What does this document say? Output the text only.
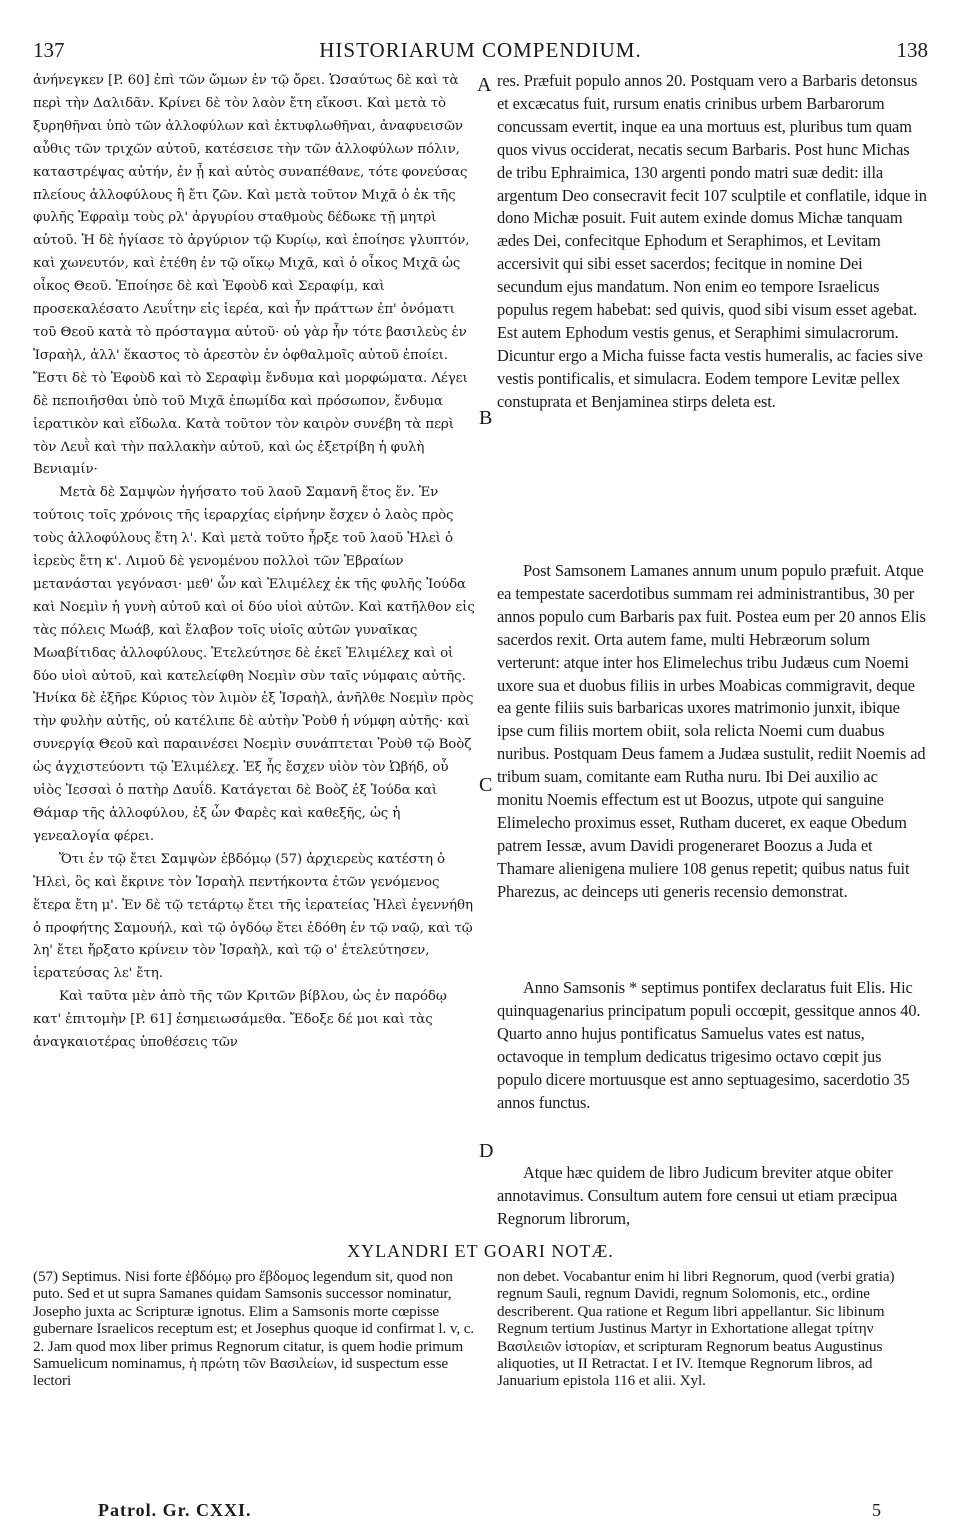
137	HISTORIARUM COMPENDIUM.	138

ἀνήνεγκεν [P. 60] ἐπὶ τῶν ὤμων ἐν τῷ ὄρει. Ὡσαύτως δὲ καὶ τὰ περὶ τὴν Δαλιδᾶν. Κρίνει δὲ τὸν λαὸν ἔτη εἴκοσι. Καὶ μετὰ τὸ ξυρηθῆναι ὑπὸ τῶν ἀλλοφύλων καὶ ἐκτυφλωθῆναι, ἀναφυεισῶν αὖθις τῶν τριχῶν αὐτοῦ, κατέσεισε τὴν τῶν ἀλλοφύλων πόλιν, καταστρέψας αὐτήν, ἐν ᾗ καὶ αὐτὸς συναπέθανε, τότε φονεύσας πλείους ἀλλοφύλους ἢ ἔτι ζῶν. Καὶ μετὰ τοῦτον Μιχᾶ ὁ ἐκ τῆς φυλῆς Ἐφραὶμ τοὺς ρλ' ἀργυρίου σταθμοὺς δέδωκε τῇ μητρὶ αὐτοῦ. Ἡ δὲ ἡγίασε τὸ ἀργύριον τῷ Κυρίῳ, καὶ ἐποίησε γλυπτόν, καὶ χωνευτόν, καὶ ἐτέθη ἐν τῷ οἴκῳ Μιχᾶ, καὶ ὁ οἶκος Μιχᾶ ὡς οἶκος Θεοῦ. Ἐποίησε δὲ καὶ Ἐφοὺδ καὶ Σεραφίμ, καὶ προσεκαλέσατο Λευΐτην εἰς ἱερέα, καὶ ἦν πράττων ἐπ' ὀνόματι τοῦ Θεοῦ κατὰ τὸ πρόσταγμα αὐτοῦ· οὐ γὰρ ἦν τότε βασιλεὺς ἐν Ἰσραὴλ, ἀλλ' ἕκαστος τὸ ἀρεστὸν ἐν ὀφθαλμοῖς αὐτοῦ ἐποίει. Ἔστι δὲ τὸ Ἐφοὺδ καὶ τὸ Σεραφὶμ ἔνδυμα καὶ μορφώματα. Λέγει δὲ πεποιῆσθαι ὑπὸ τοῦ Μιχᾶ ἐπωμίδα καὶ πρόσωπον, ἔνδυμα ἱερατικὸν καὶ εἴδωλα. Κατὰ τοῦτον τὸν καιρὸν συνέβη τὰ περὶ τὸν Λευῒ καὶ τὴν παλλακὴν αὐτοῦ, καὶ ὡς ἐξετρίβη ἡ φυλὴ Βενιαμίν·

Μετὰ δὲ Σαμψὼν ἡγήσατο τοῦ λαοῦ Σαμανῆ ἔτος ἕν. Ἐν τούτοις τοῖς χρόνοις τῆς ἱεραρχίας εἰρήνην ἔσχεν ὁ λαὸς πρὸς τοὺς ἀλλοφύλους ἔτη λ'. Καὶ μετὰ τοῦτο ἦρξε τοῦ λαοῦ Ἠλεὶ ὁ ἱερεὺς ἔτη κ'. Λιμοῦ δὲ γενομένου πολλοὶ τῶν Ἑβραίων μετανάσται γεγόνασι· μεθ' ὧν καὶ Ἐλιμέλεχ ἐκ τῆς φυλῆς Ἰούδα καὶ Νοεμὶν ἡ γυνὴ αὐτοῦ καὶ οἱ δύο υἱοὶ αὐτῶν. Καὶ κατῆλθον εἰς τὰς πόλεις Μωάβ, καὶ ἔλαβον τοῖς υἱοῖς αὐτῶν γυναῖκας Μωαβίτιδας ἀλλοφύλους. Ἐτελεύτησε δὲ ἐκεῖ Ἐλιμέλεχ καὶ οἱ δύο υἱοὶ αὐτοῦ, καὶ κατελείφθη Νοεμὶν σὺν ταῖς νύμφαις αὐτῆς. Ἡνίκα δὲ ἐξῆρε Κύριος τὸν λιμὸν ἐξ Ἰσραὴλ, ἀνῆλθε Νοεμὶν πρὸς τὴν φυλὴν αὐτῆς, οὐ κατέλιπε δὲ αὐτὴν Ῥοὺθ ἡ νύμφη αὐτῆς· καὶ συνεργίᾳ Θεοῦ καὶ παραινέσει Νοεμὶν συνάπτεται Ῥοὺθ τῷ Βοὸζ ὡς ἀγχιστεύοντι τῷ Ἐλιμέλεχ. Ἐξ ἧς ἔσχεν υἱὸν τὸν Ὠβήδ, οὗ υἱὸς Ἰεσσαὶ ὁ πατὴρ Δαυΐδ. Κατάγεται δὲ Βοὸζ ἐξ Ἰούδα καὶ Θάμαρ τῆς ἀλλοφύλου, ἐξ ὧν Φαρὲς καὶ καθεξῆς, ὡς ἡ γενεαλογία φέρει.

Ὅτι ἐν τῷ ἔτει Σαμψὼν ἑβδόμῳ (57) ἀρχιερεὺς κατέστη ὁ Ἠλεὶ, ὃς καὶ ἔκρινε τὸν Ἰσραὴλ πεντήκοντα ἐτῶν γενόμενος ἕτερα ἔτη μ'. Ἐν δὲ τῷ τετάρτῳ ἔτει τῆς ἱερατείας Ἠλεὶ ἐγεννήθη ὁ προφήτης Σαμουήλ, καὶ τῷ ὀγδόῳ ἔτει ἐδόθη ἐν τῷ ναῷ, καὶ τῷ λη' ἔτει ἤρξατο κρίνειν τὸν Ἰσραὴλ, καὶ τῷ ο' ἐτελεύτησεν, ἱερατεύσας λε' ἔτη.

Καὶ ταῦτα μὲν ἀπὸ τῆς τῶν Κριτῶν βίβλου, ὡς ἐν παρόδῳ κατ' ἐπιτομὴν [P. 61] ἐσημειωσάμεθα. Ἔδοξε δέ μοι καὶ τὰς ἀναγκαιοτέρας ὑποθέσεις τῶν

A
B
C
D

res. Præfuit populo annos 20. Postquam vero a Barbaris detonsus et excæcatus fuit, rursum enatis crinibus urbem Barbarorum concussam evertit, inque ea una mortuus est, pluribus tum quam quos vivus occiderat, necatis secum Barbaris. Post hunc Michas de tribu Ephraimica, 130 argenti pondo matri suæ dedit: illa argentum Deo consecravit fecit 107 sculptile et conflatile, idque in dono Michæ posuit. Fuit autem exinde domus Michæ tanquam ædes Dei, confecitque Ephodum et Seraphimos, et Levitam accersivit qui sibi esset sacerdos; fecitque in nomine Dei secundum ejus mandatum. Non enim eo tempore Israelicus populus regem habebat: sed quivis, quod sibi visum esset agebat. Est autem Ephodum vestis genus, et Seraphimi simulacrorum. Dicuntur ergo a Micha fuisse facta vestis humeralis, ac facies sive vestis pontificalis, et simulacra. Eodem tempore Levitæ pellex constuprata et Benjaminea stirps deleta est.

Post Samsonem Lamanes annum unum populo præfuit. Atque ea tempestate sacerdotibus summam rei administrantibus, 30 per annos populo cum Barbaris pax fuit. Postea eum per 20 annos Elis sacerdos rexit. Orta autem fame, multi Hebræorum solum verterunt: atque inter hos Elimelechus tribu Judæus cum Noemi uxore sua et duobus filiis in urbes Moabicas commigravit, deque ea gente filiis suis barbaricas uxores matrimonio junxit, ibique ipse cum filiis mortem obiit, sola relicta Noemi cum duabus nuribus. Postquam Deus famem a Judæa sustulit, rediit Noemis ad tribum suam, comitante eam Rutha nuru. Ibi Dei auxilio ac monitu Noemis effectum est ut Boozus, utpote qui sanguine Elimelecho proximus esset, Rutham duceret, ex eaque Obedum patrem Iessæ, avum Davidi progeneraret Boozus a Juda et Thamare alienigena muliere 108 genus repetit; quibus natus fuit Pharezus, ac deinceps uti generis recensio demonstrat.

Anno Samsonis * septimus pontifex declaratus fuit Elis. Hic quinquagenarius principatum populi occœpit, gessitque annos 40. Quarto anno hujus pontificatus Samuelus vates est natus, octavoque in templum dedicatus trigesimo octavo cœpit jus populo dicere mortuusque est anno septuagesimo, sacerdotio 35 annos functus.

Atque hæc quidem de libro Judicum breviter atque obiter annotavimus. Consultum autem fore censui ut etiam præcipua Regnorum librorum,

XYLANDRI ET GOARI NOTÆ.
(57) Septimus. Nisi forte ἑβδόμῳ pro ἔβδομος legendum sit, quod non puto. Sed et ut supra Samanes quidam Samsonis successor nominatur, Josepho juxta ac Scripturæ ignotus. Elim a Samsonis morte cœpisse gubernare Israelicos receptum est; et Josephus quoque id confirmat l. v, c. 2. Jam quod mox liber primus Regnorum citatur, is quem hodie primum Samuelicum nominamus, ἡ πρώτη τῶν Βασιλείων, id suspectum esse lectori
non debet. Vocabantur enim hi libri Regnorum, quod (verbi gratia) regnum Sauli, regnum Davidi, regnum Solomonis, etc., ordine describerent. Qua ratione et Regum libri appellantur. Sic libinum Regnum tertium Justinus Martyr in Exhortatione allegat τρίτην Βασιλειῶν ἱστορίαν, et scripturam Regnorum beatus Augustinus aliquoties, ut II Retractat. I et IV. Itemque Regnorum libros, ad Januarium epistola 116 et alii. Xyl.
Patrol. Gr. CXXI.	5
